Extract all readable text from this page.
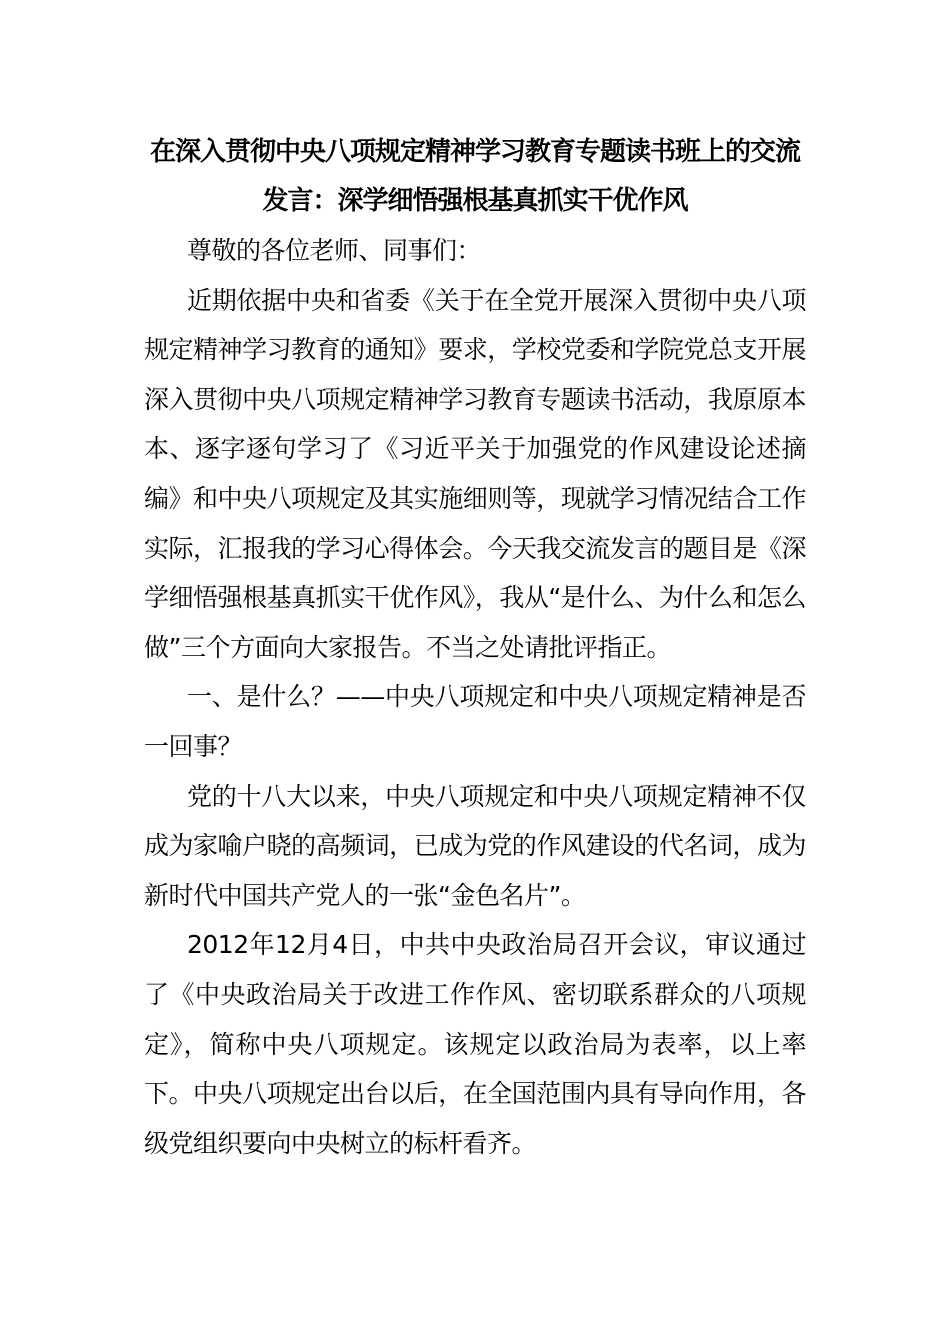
在深入贯彻中央八项规定精神学习教育专题读书班上的交流发言：深学细悟强根基真抓实干优作风

尊敬的各位老师、同事们：

近期依据中央和省委《关于在全党开展深入贯彻中央八项规定精神学习教育的通知》要求，学校党委和学院党总支开展深入贯彻中央八项规定精神学习教育专题读书活动，我原原本本、逐字逐句学习了《习近平关于加强党的作风建设论述摘编》和中央八项规定及其实施细则等，现就学习情况结合工作实际，汇报我的学习心得体会。今天我交流发言的题目是《深学细悟强根基真抓实干优作风》，我从“是什么、为什么和怎么做”三个方面向大家报告。不当之处请批评指正。

一、是什么？——中央八项规定和中央八项规定精神是否一回事？

党的十八大以来，中央八项规定和中央八项规定精神不仅成为家喻户晓的高频词，已成为党的作风建设的代名词，成为新时代中国共产党人的一张“金色名片”。

2012年12月4日，中共中央政治局召开会议，审议通过了《中央政治局关于改进工作作风、密切联系群众的八项规定》，简称中央八项规定。该规定以政治局为表率，以上率下。中央八项规定出台以后，在全国范围内具有导向作用，各级党组织要向中央树立的标杆看齐。
